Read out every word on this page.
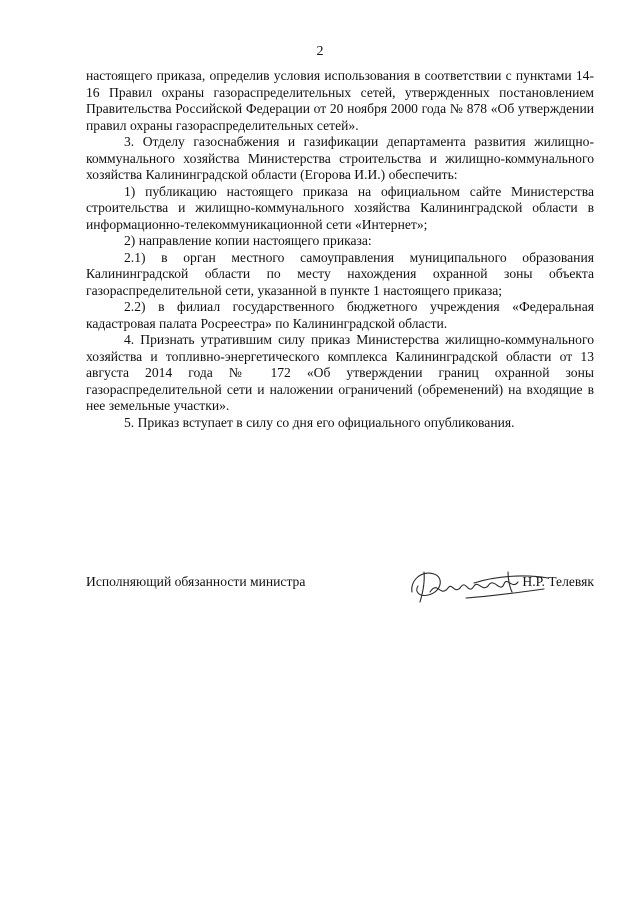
2

настоящего приказа, определив условия использования в соответствии с пунктами 14-16 Правил охраны газораспределительных сетей, утвержденных постановлением Правительства Российской Федерации от 20 ноября 2000 года № 878 «Об утверждении правил охраны газораспределительных сетей».

3. Отделу газоснабжения и газификации департамента развития жилищно-коммунального хозяйства Министерства строительства и жилищно-коммунального хозяйства Калининградской области (Егорова И.И.) обеспечить:

1) публикацию настоящего приказа на официальном сайте Министерства строительства и жилищно-коммунального хозяйства Калининградской области в информационно-телекоммуникационной сети «Интернет»;

2) направление копии настоящего приказа:

2.1) в орган местного самоуправления муниципального образования Калининградской области по месту нахождения охранной зоны объекта газораспределительной сети, указанной в пункте 1 настоящего приказа;

2.2) в филиал государственного бюджетного учреждения «Федеральная кадастровая палата Росреестра» по Калининградской области.

4. Признать утратившим силу приказ Министерства жилищно-коммунального хозяйства и топливно-энергетического комплекса Калининградской области от 13 августа 2014 года № 172 «Об утверждении границ охранной зоны газораспределительной сети и наложении ограничений (обременений) на входящие в нее земельные участки».

5. Приказ вступает в силу со дня его официального опубликования.

Исполняющий обязанности министра	Н.Р. Телевяк
